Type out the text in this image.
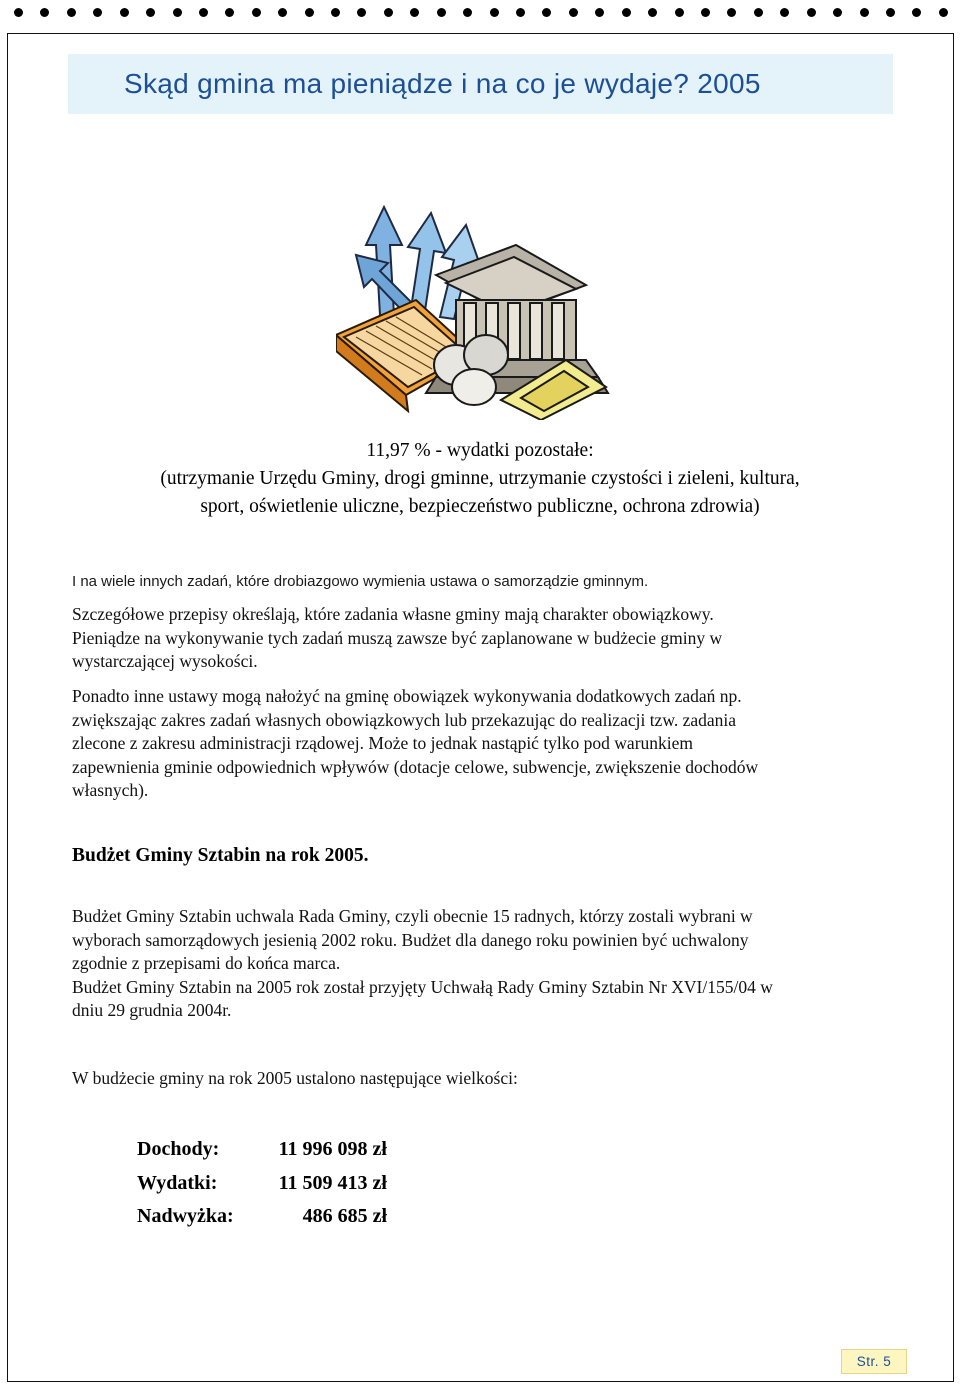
Skąd gmina ma pieniądze i na co je wydaje? 2005

11,97 % - wydatki pozostałe:

(utrzymanie Urzędu Gminy, drogi gminne, utrzymanie czystości i zieleni, kultura,

sport, oświetlenie uliczne, bezpieczeństwo publiczne, ochrona zdrowia)

I na wiele innych zadań, które drobiazgowo wymienia ustawa o samorządzie gminnym.

Szczegółowe przepisy określają, które zadania własne gminy mają charakter obowiązkowy.

Pieniądze na wykonywanie tych zadań muszą zawsze być zaplanowane w budżecie gminy w

wystarczającej wysokości.

Ponadto inne ustawy mogą nałożyć na gminę obowiązek wykonywania dodatkowych zadań np.

zwiększając zakres zadań własnych obowiązkowych lub przekazując do realizacji tzw. zadania

zlecone z zakresu administracji rządowej. Może to jednak nastąpić tylko pod warunkiem

zapewnienia gminie odpowiednich wpływów (dotacje celowe, subwencje, zwiększenie dochodów

własnych).

Budżet Gminy Sztabin na rok 2005.

Budżet Gminy Sztabin uchwala Rada Gminy, czyli obecnie 15 radnych, którzy zostali wybrani w

wyborach samorządowych jesienią 2002 roku. Budżet dla danego roku powinien być uchwalony

zgodnie z przepisami do końca marca.

Budżet Gminy Sztabin na 2005 rok został przyjęty Uchwałą Rady Gminy Sztabin Nr XVI/155/04 w

dniu 29 grudnia 2004r.

W budżecie gminy na rok 2005 ustalono następujące wielkości:

Dochody:	11 996 098 zł
Wydatki:	11 509 413 zł
Nadwyżka:	486 685 zł
Str. 5
